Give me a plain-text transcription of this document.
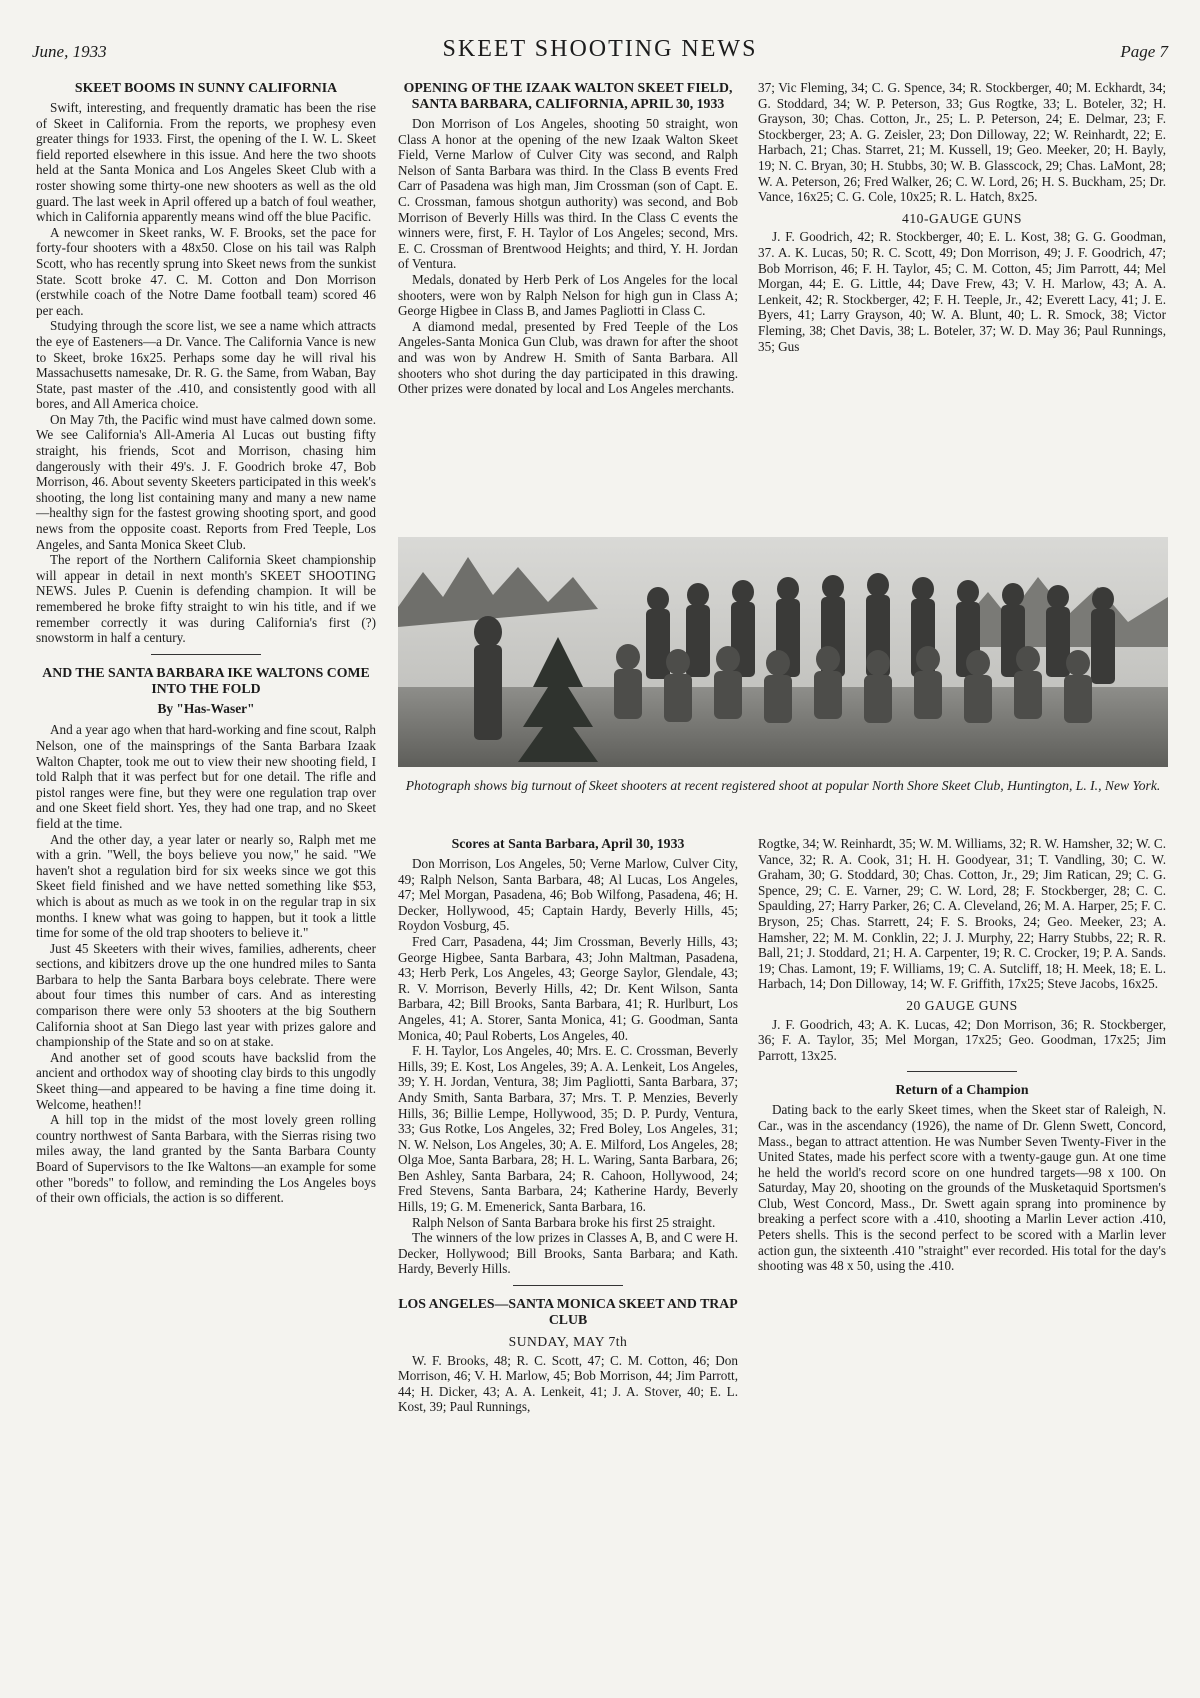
June, 1933	SKEET SHOOTING NEWS	Page 7
SKEET BOOMS IN SUNNY CALIFORNIA

Swift, interesting, and frequently dramatic has been the rise of Skeet in California. From the reports, we prophesy even greater things for 1933. First, the opening of the I. W. L. Skeet field reported elsewhere in this issue. And here the two shoots held at the Santa Monica and Los Angeles Skeet Club with a roster showing some thirty-one new shooters as well as the old guard. The last week in April offered up a batch of foul weather, which in California apparently means wind off the blue Pacific.

A newcomer in Skeet ranks, W. F. Brooks, set the pace for forty-four shooters with a 48x50. Close on his tail was Ralph Scott, who has recently sprung into Skeet news from the sunkist State. Scott broke 47. C. M. Cotton and Don Morrison (erstwhile coach of the Notre Dame football team) scored 46 per each.

Studying through the score list, we see a name which attracts the eye of Easteners—a Dr. Vance. The California Vance is new to Skeet, broke 16x25. Perhaps some day he will rival his Massachusetts namesake, Dr. R. G. the Same, from Waban, Bay State, past master of the .410, and consistently good with all bores, and All America choice.

On May 7th, the Pacific wind must have calmed down some. We see California's All-Ameria Al Lucas out busting fifty straight, his friends, Scot and Morrison, chasing him dangerously with their 49's. J. F. Goodrich broke 47, Bob Morrison, 46. About seventy Skeeters participated in this week's shooting, the long list containing many and many a new name—healthy sign for the fastest growing shooting sport, and good news from the opposite coast. Reports from Fred Teeple, Los Angeles, and Santa Monica Skeet Club.

The report of the Northern California Skeet championship will appear in detail in next month's SKEET SHOOTING NEWS. Jules P. Cuenin is defending champion. It will be remembered he broke fifty straight to win his title, and if we remember correctly it was during California's first (?) snowstorm in half a century.

AND THE SANTA BARBARA IKE WALTONS COME INTO THE FOLD
By "Has-Waser"

And a year ago when that hard-working and fine scout, Ralph Nelson, one of the mainsprings of the Santa Barbara Izaak Walton Chapter, took me out to view their new shooting field, I told Ralph that it was perfect but for one detail. The rifle and pistol ranges were fine, but they were one regulation trap over and one Skeet field short. Yes, they had one trap, and no Skeet field at the time.

And the other day, a year later or nearly so, Ralph met me with a grin. "Well, the boys believe you now," he said. "We haven't shot a regulation bird for six weeks since we got this Skeet field finished and we have netted something like $53, which is about as much as we took in on the regular trap in six months. I knew what was going to happen, but it took a little time for some of the old trap shooters to believe it."

Just 45 Skeeters with their wives, families, adherents, cheer sections, and kibitzers drove up the one hundred miles to Santa Barbara to help the Santa Barbara boys celebrate. There were about four times this number of cars. And as interesting comparison there were only 53 shooters at the big Southern California shoot at San Diego last year with prizes galore and championship of the State and so on at stake.

And another set of good scouts have backslid from the ancient and orthodox way of shooting clay birds to this ungodly Skeet thing—and appeared to be having a fine time doing it. Welcome, heathen!!

A hill top in the midst of the most lovely green rolling country northwest of Santa Barbara, with the Sierras rising two miles away, the land granted by the Santa Barbara County Board of Supervisors to the Ike Waltons—an example for some other "boreds" to follow, and reminding the Los Angeles boys of their own officials, the action is so different.

OPENING OF THE IZAAK WALTON SKEET FIELD, SANTA BARBARA, CALIFORNIA, APRIL 30, 1933

Don Morrison of Los Angeles, shooting 50 straight, won Class A honor at the opening of the new Izaak Walton Skeet Field, Verne Marlow of Culver City was second, and Ralph Nelson of Santa Barbara was third. In the Class B events Fred Carr of Pasadena was high man, Jim Crossman (son of Capt. E. C. Crossman, famous shotgun authority) was second, and Bob Morrison of Beverly Hills was third. In the Class C events the winners were, first, F. H. Taylor of Los Angeles; second, Mrs. E. C. Crossman of Brentwood Heights; and third, Y. H. Jordan of Ventura.

Medals, donated by Herb Perk of Los Angeles for the local shooters, were won by Ralph Nelson for high gun in Class A; George Higbee in Class B, and James Pagliotti in Class C.

A diamond medal, presented by Fred Teeple of the Los Angeles-Santa Monica Gun Club, was drawn for after the shoot and was won by Andrew H. Smith of Santa Barbara. All shooters who shot during the day participated in this drawing. Other prizes were donated by local and Los Angeles merchants.

37; Vic Fleming, 34; C. G. Spence, 34; R. Stockberger, 40; M. Eckhardt, 34; G. Stoddard, 34; W. P. Peterson, 33; Gus Rogtke, 33; L. Boteler, 32; H. Grayson, 30; Chas. Cotton, Jr., 25; L. P. Peterson, 24; E. Delmar, 23; F. Stockberger, 23; A. G. Zeisler, 23; Don Dilloway, 22; W. Reinhardt, 22; E. Harbach, 21; Chas. Starret, 21; M. Kussell, 19; Geo. Meeker, 20; H. Bayly, 19; N. C. Bryan, 30; H. Stubbs, 30; W. B. Glasscock, 29; Chas. LaMont, 28; W. A. Peterson, 26; Fred Walker, 26; C. W. Lord, 26; H. S. Buckham, 25; Dr. Vance, 16x25; C. G. Cole, 10x25; R. L. Hatch, 8x25.

410-GAUGE GUNS

J. F. Goodrich, 42; R. Stockberger, 40; E. L. Kost, 38; G. G. Goodman, 37. A. K. Lucas, 50; R. C. Scott, 49; Don Morrison, 49; J. F. Goodrich, 47; Bob Morrison, 46; F. H. Taylor, 45; C. M. Cotton, 45; Jim Parrott, 44; Mel Morgan, 44; E. G. Little, 44; Dave Frew, 43; V. H. Marlow, 43; A. A. Lenkeit, 42; R. Stockberger, 42; F. H. Teeple, Jr., 42; Everett Lacy, 41; J. E. Byers, 41; Larry Grayson, 40; W. A. Blunt, 40; L. R. Smock, 38; Victor Fleming, 38; Chet Davis, 38; L. Boteler, 37; W. D. May 36; Paul Runnings, 35; Gus

Photograph shows big turnout of Skeet shooters at recent registered shoot at popular North Shore Skeet Club, Huntington, L. I., New York.
Scores at Santa Barbara, April 30, 1933

Don Morrison, Los Angeles, 50; Verne Marlow, Culver City, 49; Ralph Nelson, Santa Barbara, 48; Al Lucas, Los Angeles, 47; Mel Morgan, Pasadena, 46; Bob Wilfong, Pasadena, 46; H. Decker, Hollywood, 45; Captain Hardy, Beverly Hills, 45; Roydon Vosburg, 45.

Fred Carr, Pasadena, 44; Jim Crossman, Beverly Hills, 43; George Higbee, Santa Barbara, 43; John Maltman, Pasadena, 43; Herb Perk, Los Angeles, 43; George Saylor, Glendale, 43; R. V. Morrison, Beverly Hills, 42; Dr. Kent Wilson, Santa Barbara, 42; Bill Brooks, Santa Barbara, 41; R. Hurlburt, Los Angeles, 41; A. Storer, Santa Monica, 41; G. Goodman, Santa Monica, 40; Paul Roberts, Los Angeles, 40.

F. H. Taylor, Los Angeles, 40; Mrs. E. C. Crossman, Beverly Hills, 39; E. Kost, Los Angeles, 39; A. A. Lenkeit, Los Angeles, 39; Y. H. Jordan, Ventura, 38; Jim Pagliotti, Santa Barbara, 37; Andy Smith, Santa Barbara, 37; Mrs. T. P. Menzies, Beverly Hills, 36; Billie Lempe, Hollywood, 35; D. P. Purdy, Ventura, 33; Gus Rotke, Los Angeles, 32; Fred Boley, Los Angeles, 31; N. W. Nelson, Los Angeles, 30; A. E. Milford, Los Angeles, 28; Olga Moe, Santa Barbara, 28; H. L. Waring, Santa Barbara, 26; Ben Ashley, Santa Barbara, 24; R. Cahoon, Hollywood, 24; Fred Stevens, Santa Barbara, 24; Katherine Hardy, Beverly Hills, 19; G. M. Emenerick, Santa Barbara, 16.

Ralph Nelson of Santa Barbara broke his first 25 straight.

The winners of the low prizes in Classes A, B, and C were H. Decker, Hollywood; Bill Brooks, Santa Barbara; and Kath. Hardy, Beverly Hills.

LOS ANGELES—SANTA MONICA SKEET AND TRAP CLUB
SUNDAY, MAY 7th

W. F. Brooks, 48; R. C. Scott, 47; C. M. Cotton, 46; Don Morrison, 46; V. H. Marlow, 45; Bob Morrison, 44; Jim Parrott, 44; H. Dicker, 43; A. A. Lenkeit, 41; J. A. Stover, 40; E. L. Kost, 39; Paul Runnings,

Rogtke, 34; W. Reinhardt, 35; W. M. Williams, 32; R. W. Hamsher, 32; W. C. Vance, 32; R. A. Cook, 31; H. H. Goodyear, 31; T. Vandling, 30; C. W. Graham, 30; G. Stoddard, 30; Chas. Cotton, Jr., 29; Jim Ratican, 29; C. G. Spence, 29; C. E. Varner, 29; C. W. Lord, 28; F. Stockberger, 28; C. C. Spaulding, 27; Harry Parker, 26; C. A. Cleveland, 26; M. A. Harper, 25; F. C. Bryson, 25; Chas. Starrett, 24; F. S. Brooks, 24; Geo. Meeker, 23; A. Hamsher, 22; M. M. Conklin, 22; J. J. Murphy, 22; Harry Stubbs, 22; R. R. Ball, 21; J. Stoddard, 21; H. A. Carpenter, 19; R. C. Crocker, 19; P. A. Sands. 19; Chas. Lamont, 19; F. Williams, 19; C. A. Sutcliff, 18; H. Meek, 18; E. L. Harbach, 14; Don Dilloway, 14; W. F. Griffith, 17x25; Steve Jacobs, 16x25.

20 GAUGE GUNS

J. F. Goodrich, 43; A. K. Lucas, 42; Don Morrison, 36; R. Stockberger, 36; F. A. Taylor, 35; Mel Morgan, 17x25; Geo. Goodman, 17x25; Jim Parrott, 13x25.

Return of a Champion

Dating back to the early Skeet times, when the Skeet star of Raleigh, N. Car., was in the ascendancy (1926), the name of Dr. Glenn Swett, Concord, Mass., began to attract attention. He was Number Seven Twenty-Fiver in the United States, made his perfect score with a twenty-gauge gun. At one time he held the world's record score on one hundred targets—98 x 100. On Saturday, May 20, shooting on the grounds of the Musketaquid Sportsmen's Club, West Concord, Mass., Dr. Swett again sprang into prominence by breaking a perfect score with a .410, shooting a Marlin Lever action .410, Peters shells. This is the second perfect to be scored with a Marlin lever action gun, the sixteenth .410 "straight" ever recorded. His total for the day's shooting was 48 x 50, using the .410.
